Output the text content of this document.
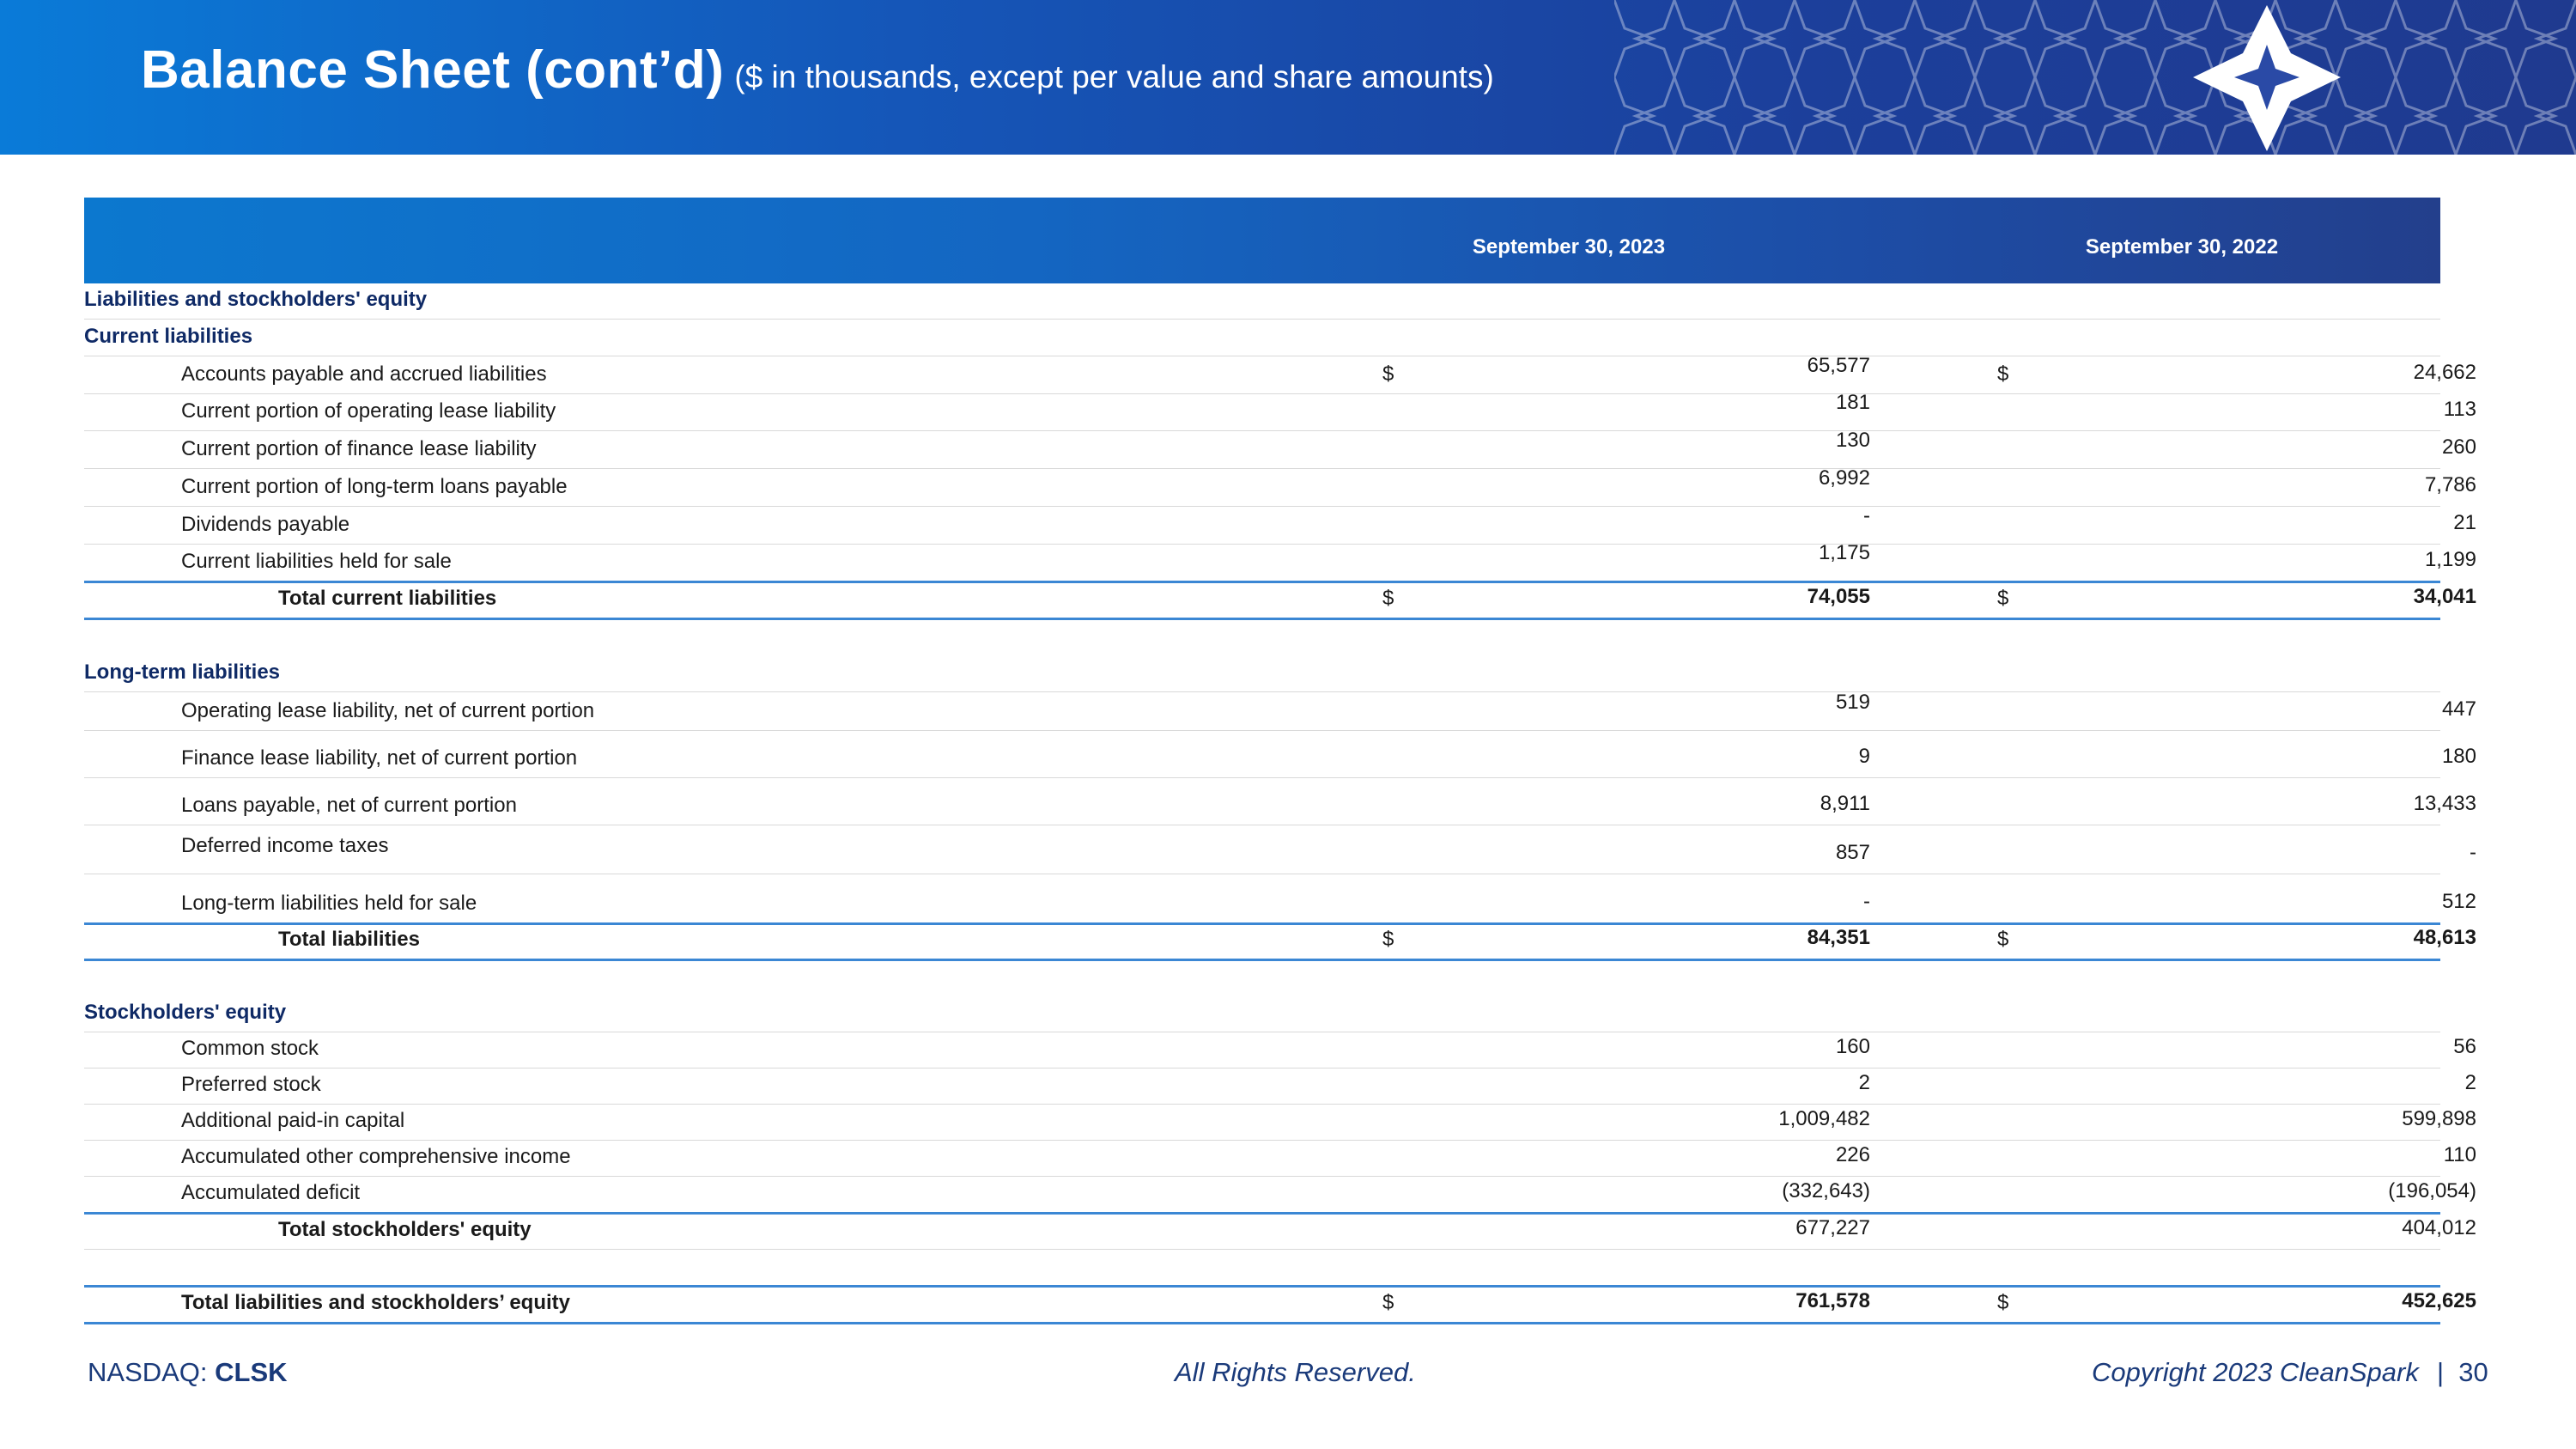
Balance Sheet (cont’d) ($ in thousands, except per value and share amounts)
September 30, 2023	September 30, 2022
Liabilities and stockholders' equity
Current liabilities
Accounts payable and accrued liabilities	$	65,577	$	24,662
Current portion of operating lease liability	181	113
Current portion of finance lease liability	130	260
Current portion of long-term loans payable	6,992	7,786
Dividends payable	-	21
Current liabilities held for sale	1,175	1,199
Total current liabilities	$	74,055	$	34,041
Long-term liabilities
Operating lease liability, net of current portion	519	447
Finance lease liability, net of current portion	9	180
Loans payable, net of current portion	8,911	13,433
Deferred income taxes	857	-
Long-term liabilities held for sale	-	512
Total liabilities	$	84,351	$	48,613
Stockholders' equity
Common stock	160	56
Preferred stock	2	2
Additional paid-in capital	1,009,482	599,898
Accumulated other comprehensive income	226	110
Accumulated deficit	(332,643)	(196,054)
Total stockholders' equity	677,227	404,012
Total liabilities and stockholders’ equity	$	761,578	$	452,625
NASDAQ: CLSK	All Rights Reserved.	Copyright 2023 CleanSpark | 30
